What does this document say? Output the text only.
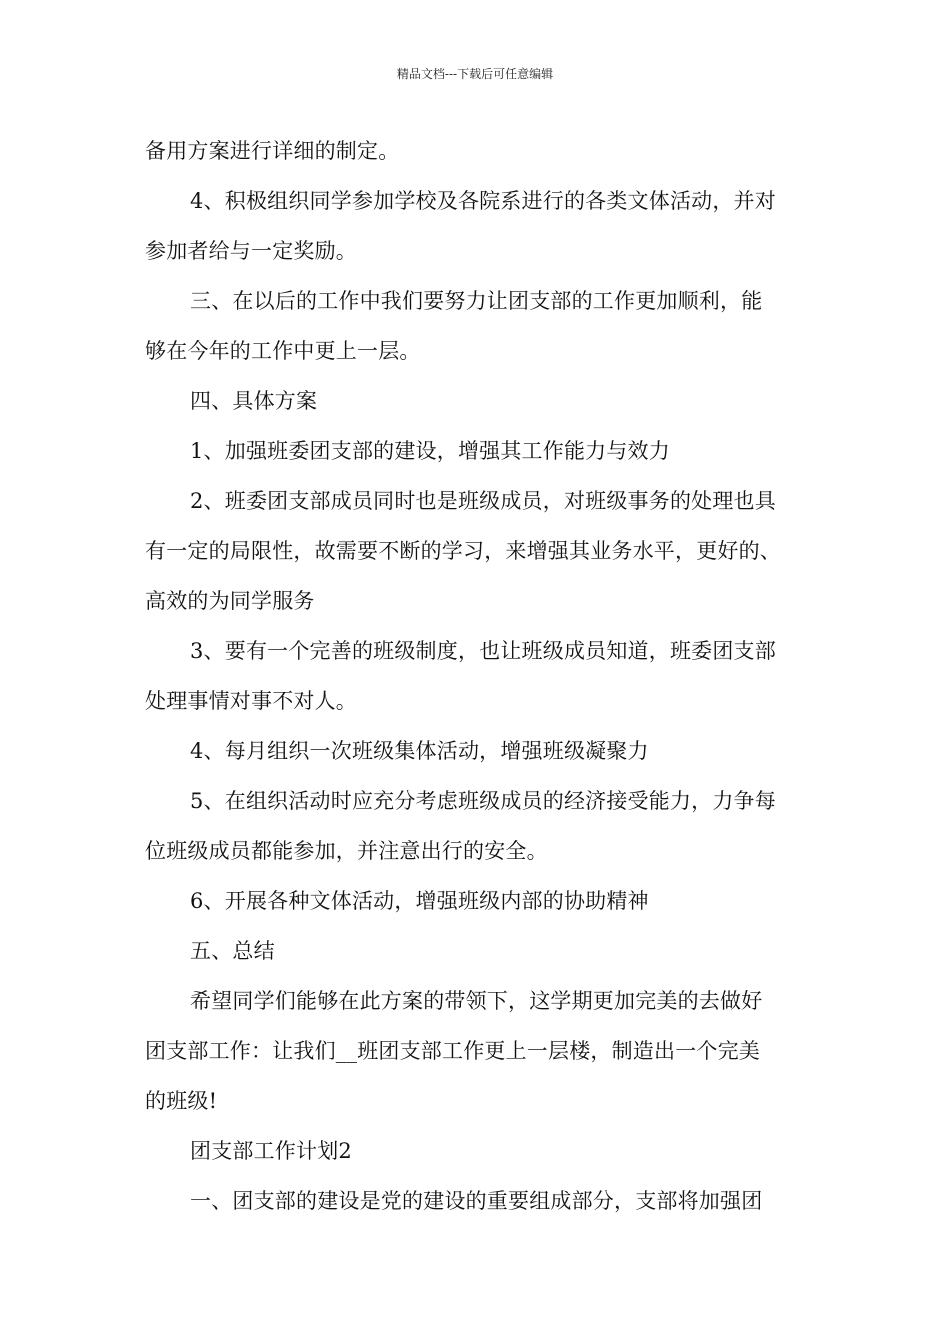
精品文档---下载后可任意编辑
备用方案进行详细的制定。
4、积极组织同学参加学校及各院系进行的各类文体活动，并对
参加者给与一定奖励。
三、在以后的工作中我们要努力让团支部的工作更加顺利，能
够在今年的工作中更上一层。
四、具体方案
1、加强班委团支部的建设，增强其工作能力与效力
2、班委团支部成员同时也是班级成员，对班级事务的处理也具
有一定的局限性，故需要不断的学习，来增强其业务水平，更好的、
高效的为同学服务
3、要有一个完善的班级制度，也让班级成员知道，班委团支部
处理事情对事不对人。
4、每月组织一次班级集体活动，增强班级凝聚力
5、在组织活动时应充分考虑班级成员的经济接受能力，力争每
位班级成员都能参加，并注意出行的安全。
6、开展各种文体活动，增强班级内部的协助精神
五、总结
希望同学们能够在此方案的带领下，这学期更加完美的去做好
团支部工作：让我们__班团支部工作更上一层楼，制造出一个完美
的班级!
团支部工作计划2
一、团支部的建设是党的建设的重要组成部分，支部将加强团
